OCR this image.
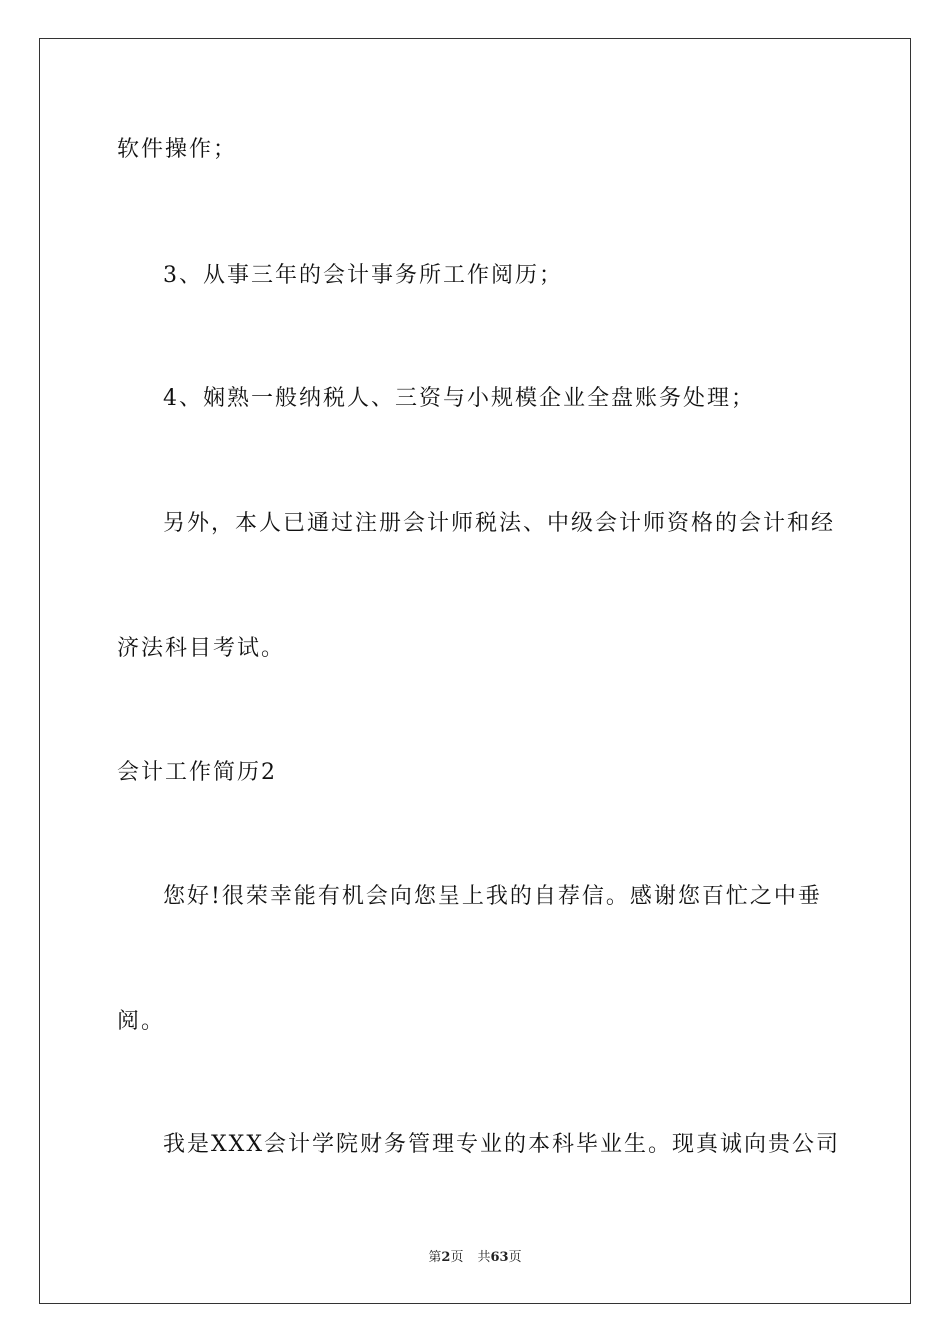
软件操作；
3、从事三年的会计事务所工作阅历；
4、娴熟一般纳税人、三资与小规模企业全盘账务处理；
另外，本人已通过注册会计师税法、中级会计师资格的会计和经
济法科目考试。
会计工作简历2
您好!很荣幸能有机会向您呈上我的自荐信。感谢您百忙之中垂
阅。
我是XXX会计学院财务管理专业的本科毕业生。现真诚向贵公司
第2页 共63页
